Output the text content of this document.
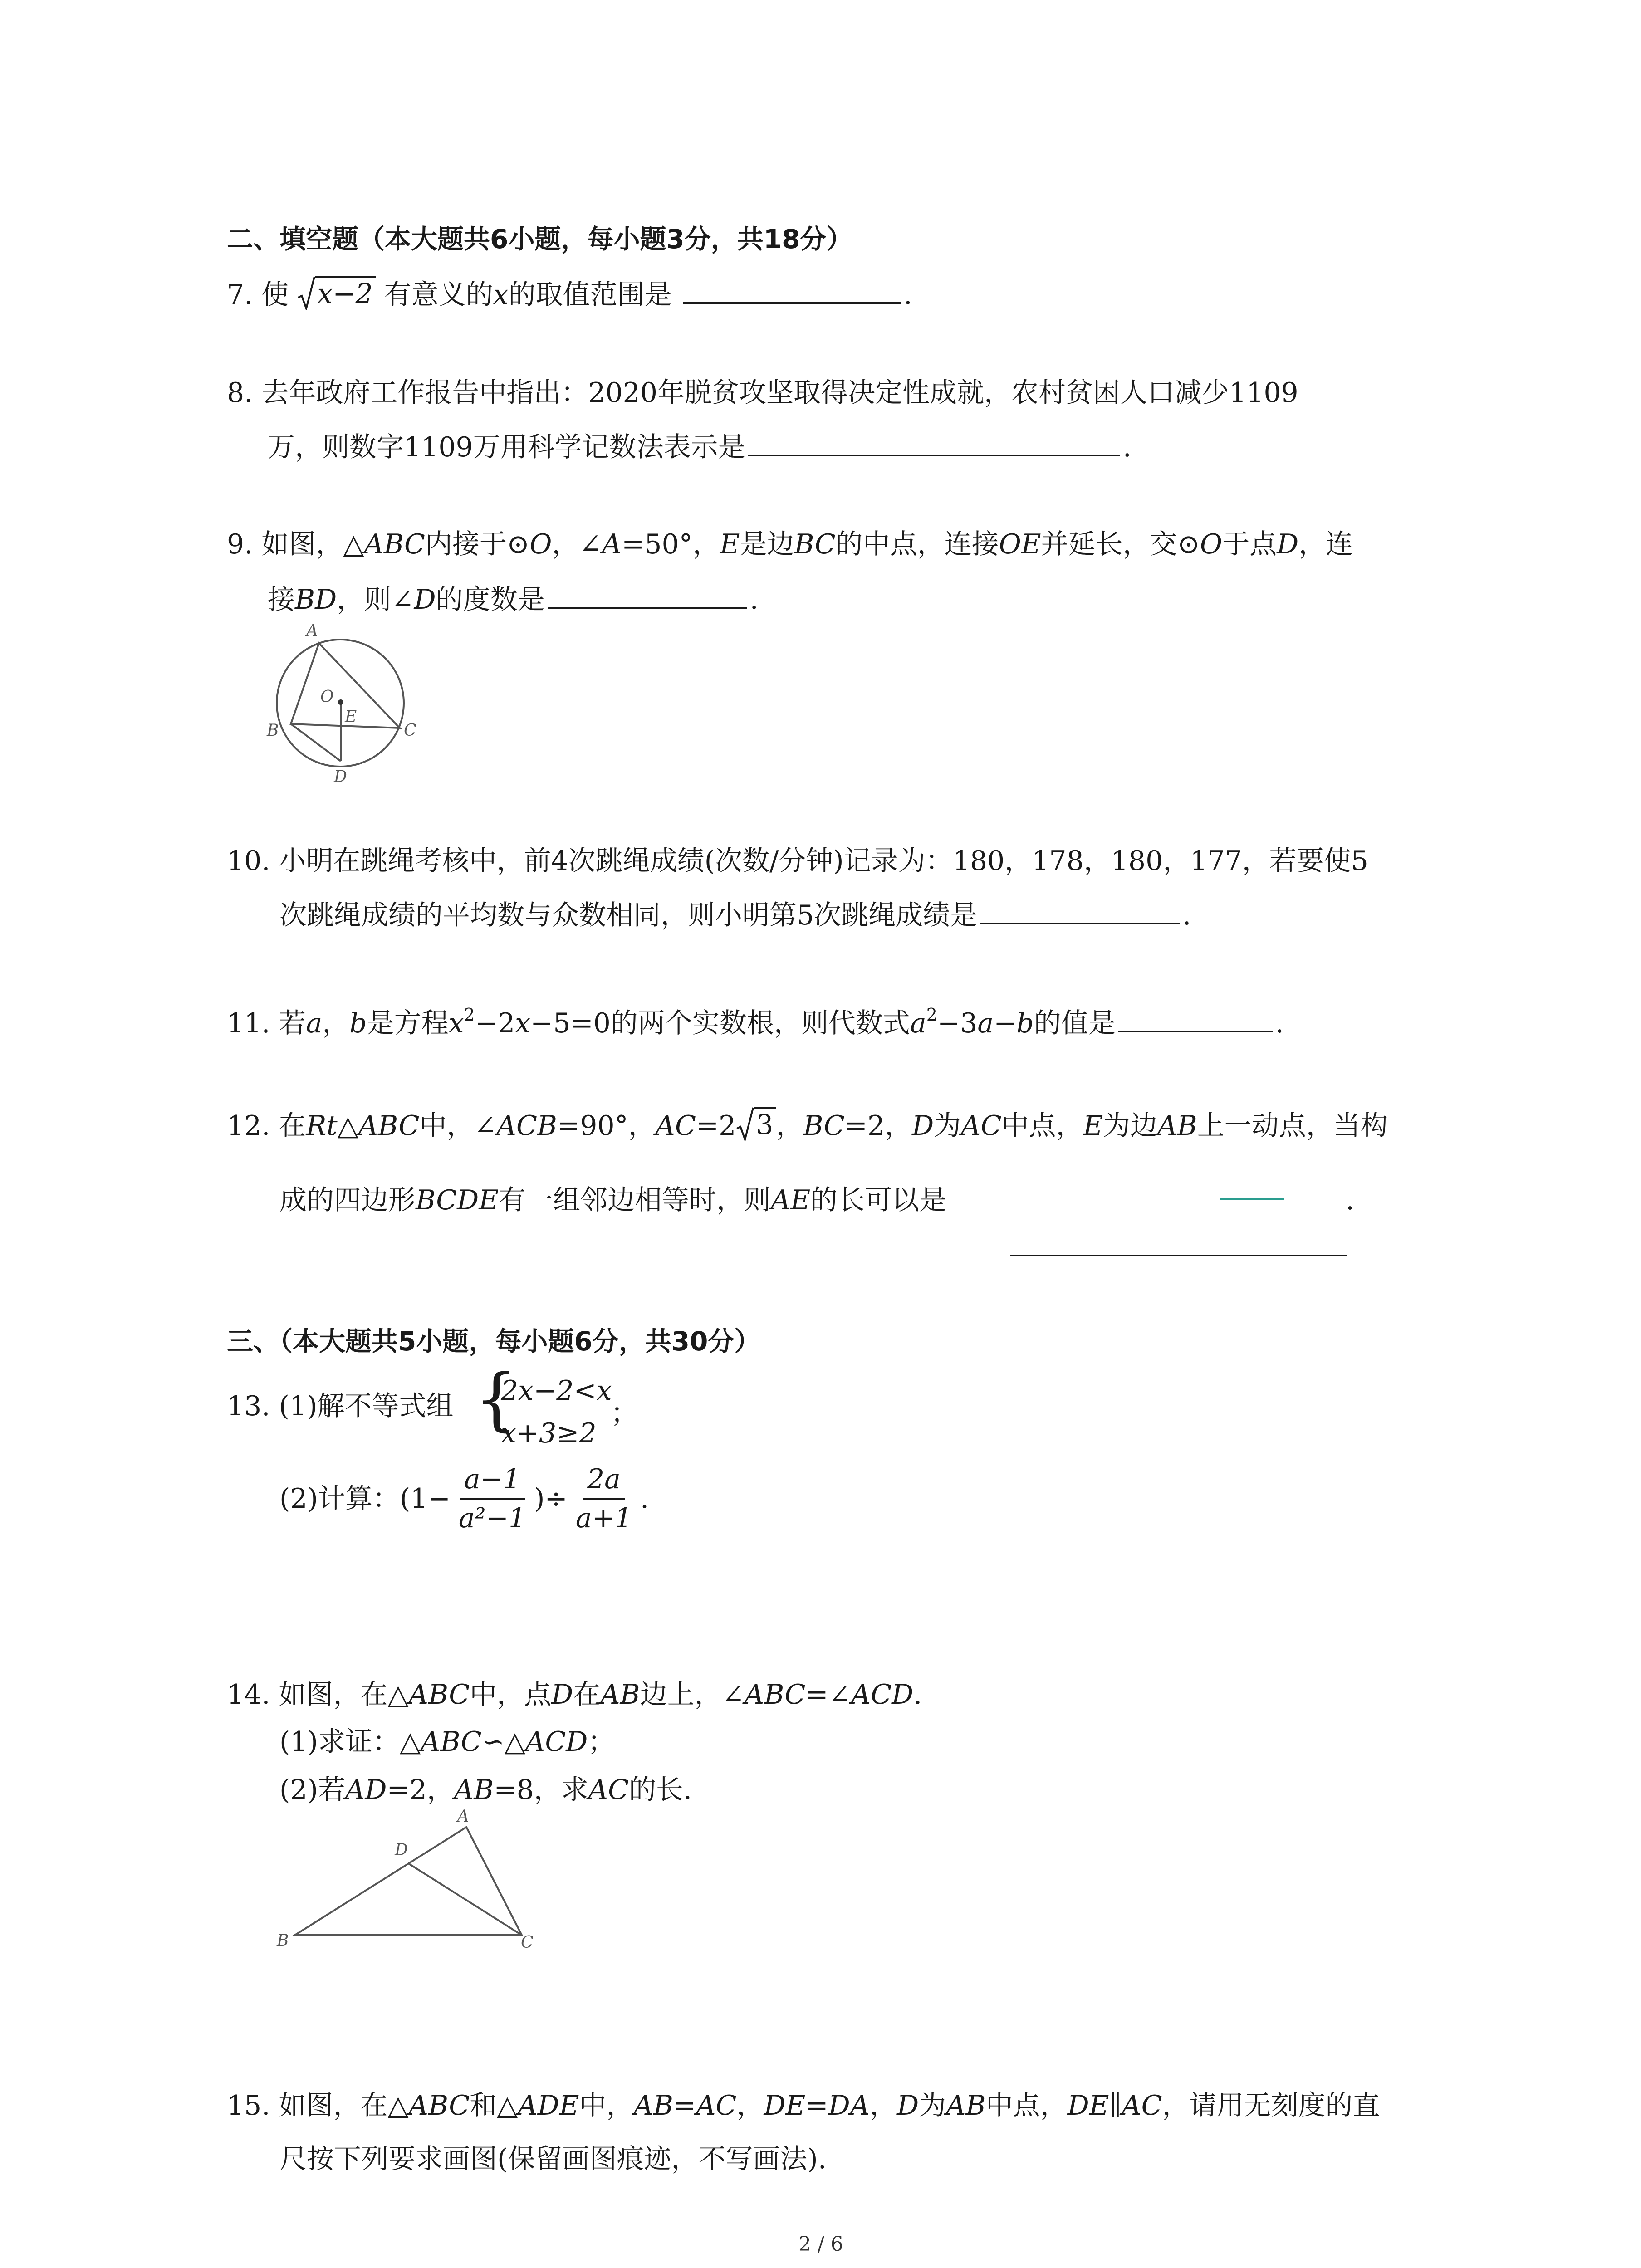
二、填空题（本大题共6小题，每小题3分，共18分）
7. 使 x−2 有意义的x的取值范围是	.
8. 去年政府工作报告中指出：2020年脱贫攻坚取得决定性成就，农村贫困人口减少1109
万，则数字1109万用科学记数法表示是	.
9. 如图，△ABC内接于⊙O，∠A=50°，E是边BC的中点，连接OE并延长，交⊙O于点D，连
接BD，则∠D的度数是	.
A
B	C
O
E
D
10. 小明在跳绳考核中，前4次跳绳成绩(次数/分钟)记录为：180，178，180，177，若要使5
次跳绳成绩的平均数与众数相同，则小明第5次跳绳成绩是	.
11. 若a，b是方程$x^2-2x-5=0$的两个实数根，则代数式$a^2-3a-b$的值是	.
12. 在Rt△ABC中，∠ACB=90°，AC=2 3 ，BC=2，D为AC中点，E为边AB上一动点，当构
成的四边形BCDE有一组邻边相等时，则AE的长可以是	.
三、（本大题共5小题，每小题6分，共30分）
13. (1)解不等式组 {
2x−2<x
x+3≥2
；
(2)计算： ($1- \frac{a-1}{\text{a²−1}}$ )÷ $\frac{2a}{a+1}$ .
14. 如图，在△ABC中，点D在AB边上，∠ABC=∠ACD.
(1)求证：△ABC∽△ACD；
(2)若AD=2，AB=8，求AC的长.
A
D
B	C
15. 如图，在△ABC和△ADE中，AB=AC，DE=DA，D为AB中点，DE∥AC，请用无刻度的直
尺按下列要求画图(保留画图痕迹，不写画法).
2 / 6
